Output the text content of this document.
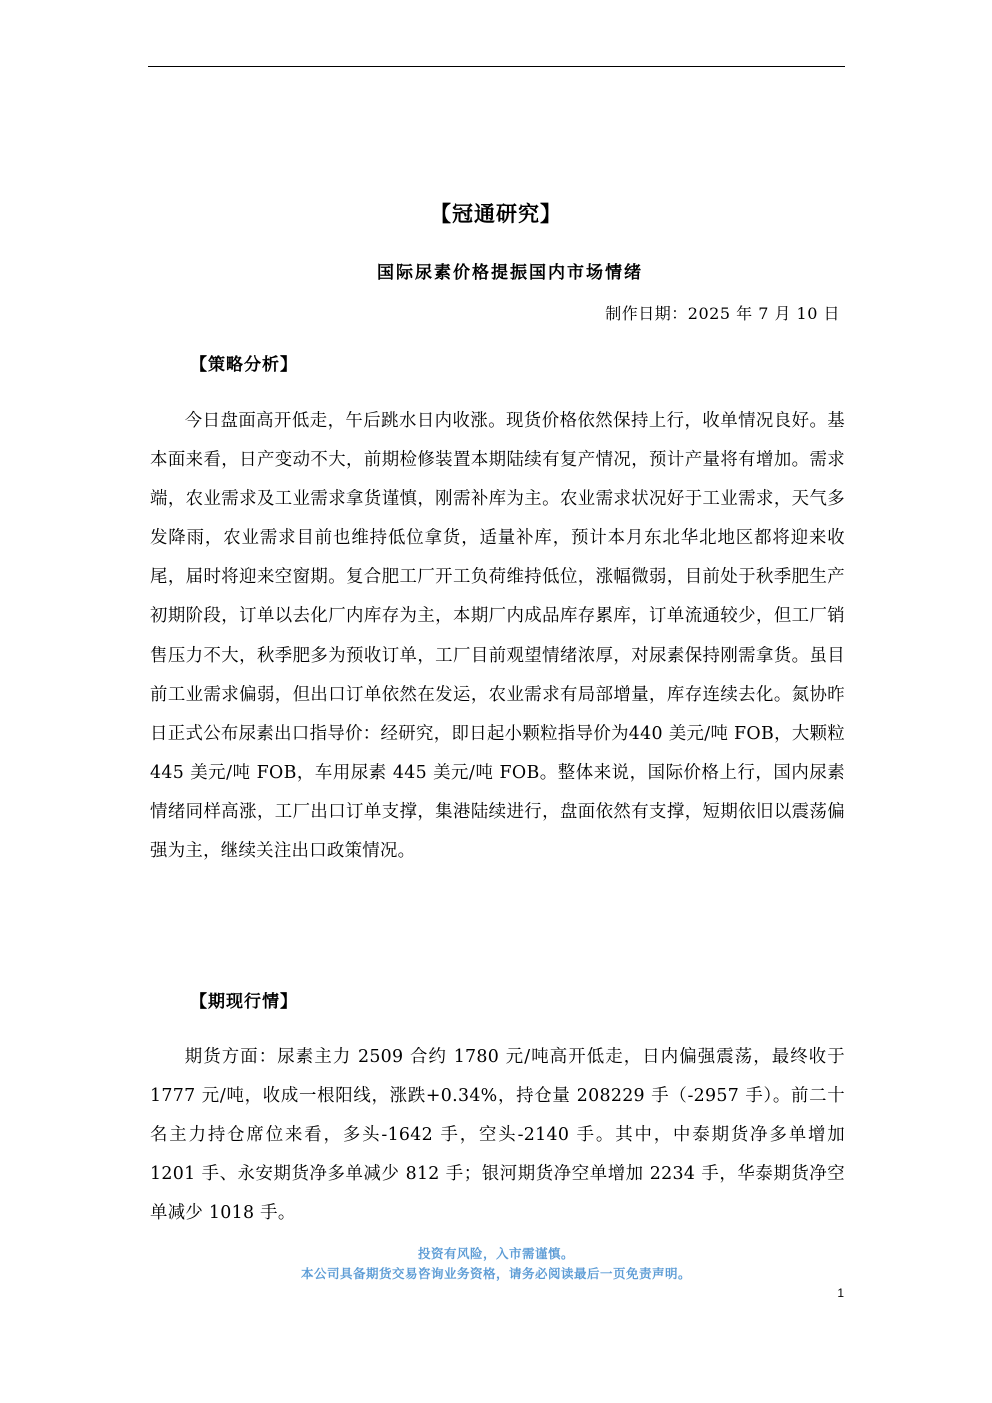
【冠通研究】
国际尿素价格提振国内市场情绪
制作日期：2025 年 7 月 10 日
【策略分析】

今日盘面高开低走，午后跳水日内收涨。现货价格依然保持上行，收单情况良好。基本面来看，日产变动不大，前期检修装置本期陆续有复产情况，预计产量将有增加。需求端，农业需求及工业需求拿货谨慎，刚需补库为主。农业需求状况好于工业需求，天气多发降雨，农业需求目前也维持低位拿货，适量补库，预计本月东北华北地区都将迎来收尾，届时将迎来空窗期。复合肥工厂开工负荷维持低位，涨幅微弱，目前处于秋季肥生产初期阶段，订单以去化厂内库存为主，本期厂内成品库存累库，订单流通较少，但工厂销售压力不大，秋季肥多为预收订单，工厂目前观望情绪浓厚，对尿素保持刚需拿货。虽目前工业需求偏弱，但出口订单依然在发运，农业需求有局部增量，库存连续去化。氮协昨日正式公布尿素出口指导价：经研究，即日起小颗粒指导价为440 美元/吨 FOB，大颗粒 445 美元/吨 FOB，车用尿素 445 美元/吨 FOB。整体来说，国际价格上行，国内尿素情绪同样高涨，工厂出口订单支撑，集港陆续进行，盘面依然有支撑，短期依旧以震荡偏强为主，继续关注出口政策情况。

【期现行情】

期货方面：尿素主力 2509 合约 1780 元/吨高开低走，日内偏强震荡，最终收于 1777 元/吨，收成一根阳线，涨跌+0.34%，持仓量 208229 手（-2957 手）。前二十名主力持仓席位来看，多头-1642 手，空头-2140 手。其中，中泰期货净多单增加 1201 手、永安期货净多单减少 812 手；银河期货净空单增加 2234 手，华泰期货净空单减少 1018 手。

投资有风险，入市需谨慎。
本公司具备期货交易咨询业务资格，请务必阅读最后一页免责声明。
1
